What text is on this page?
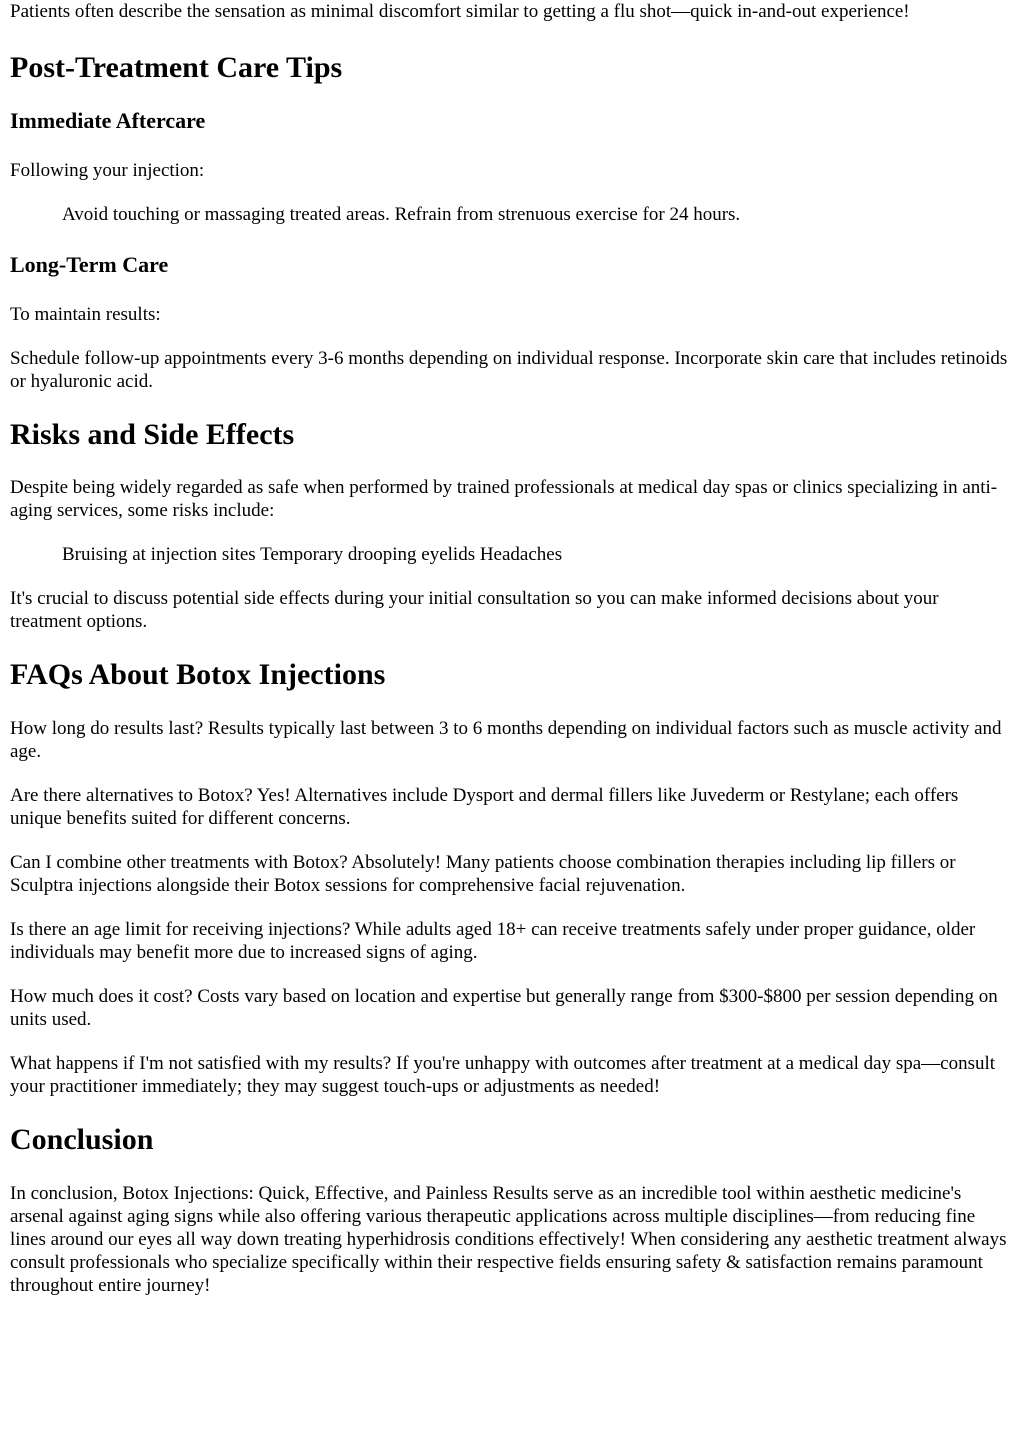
Patients often describe the sensation as minimal discomfort similar to getting a flu shot—quick in-and-out experience!

Post-Treatment Care Tips
Immediate Aftercare

Following your injection:

Avoid touching or massaging treated areas. Refrain from strenuous exercise for 24 hours.
Long-Term Care

To maintain results:

Schedule follow-up appointments every 3-6 months depending on individual response. Incorporate skin care that includes retinoids or hyaluronic acid.

Risks and Side Effects

Despite being widely regarded as safe when performed by trained professionals at medical day spas or clinics specializing in anti-aging services, some risks include:

Bruising at injection sites Temporary drooping eyelids Headaches

It's crucial to discuss potential side effects during your initial consultation so you can make informed decisions about your treatment options.

FAQs About Botox Injections

How long do results last? Results typically last between 3 to 6 months depending on individual factors such as muscle activity and age.

Are there alternatives to Botox? Yes! Alternatives include Dysport and dermal fillers like Juvederm or Restylane; each offers unique benefits suited for different concerns.

Can I combine other treatments with Botox? Absolutely! Many patients choose combination therapies including lip fillers or Sculptra injections alongside their Botox sessions for comprehensive facial rejuvenation.

Is there an age limit for receiving injections? While adults aged 18+ can receive treatments safely under proper guidance, older individuals may benefit more due to increased signs of aging.

How much does it cost? Costs vary based on location and expertise but generally range from $300-$800 per session depending on units used.

What happens if I'm not satisfied with my results? If you're unhappy with outcomes after treatment at a medical day spa—consult your practitioner immediately; they may suggest touch-ups or adjustments as needed!

Conclusion

In conclusion, Botox Injections: Quick, Effective, and Painless Results serve as an incredible tool within aesthetic medicine's arsenal against aging signs while also offering various therapeutic applications across multiple disciplines—from reducing fine lines around our eyes all way down treating hyperhidrosis conditions effectively! When considering any aesthetic treatment always consult professionals who specialize specifically within their respective fields ensuring safety & satisfaction remains paramount throughout entire journey!
